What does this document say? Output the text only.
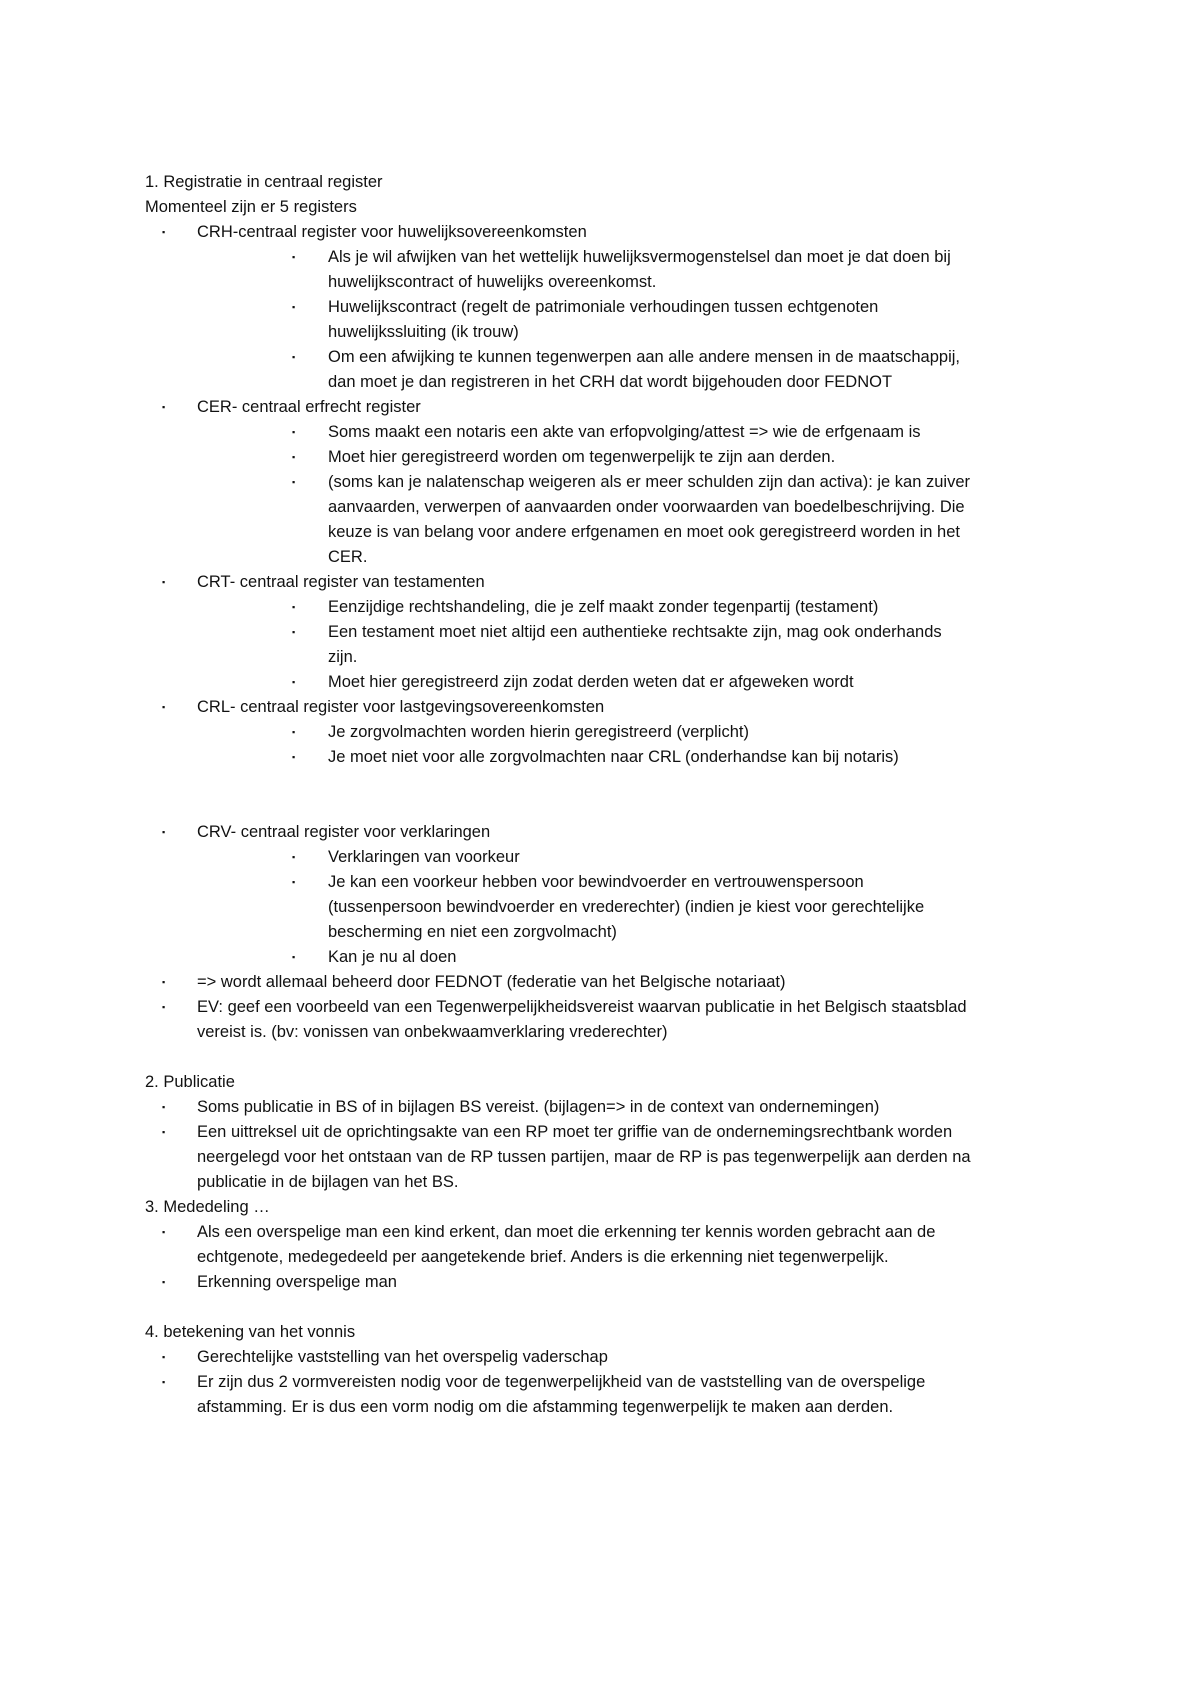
1. Registratie in centraal register

Momenteel zijn er 5 registers

▪ CRH-centraal register voor huwelijksovereenkomsten
▪ Als je wil afwijken van het wettelijk huwelijksvermogenstelsel dan moet je dat doen bij
huwelijkscontract of huwelijks overeenkomst.
▪ Huwelijkscontract (regelt de patrimoniale verhoudingen tussen echtgenoten
huwelijkssluiting (ik trouw)
▪ Om een afwijking te kunnen tegenwerpen aan alle andere mensen in de maatschappij,
dan moet je dan registreren in het CRH dat wordt bijgehouden door FEDNOT
▪ CER- centraal erfrecht register
▪ Soms maakt een notaris een akte van erfopvolging/attest => wie de erfgenaam is
▪ Moet hier geregistreerd worden om tegenwerpelijk te zijn aan derden.
▪ (soms kan je nalatenschap weigeren als er meer schulden zijn dan activa): je kan zuiver
aanvaarden, verwerpen of aanvaarden onder voorwaarden van boedelbeschrijving. Die
keuze is van belang voor andere erfgenamen en moet ook geregistreerd worden in het
CER.
▪ CRT- centraal register van testamenten
▪ Eenzijdige rechtshandeling, die je zelf maakt zonder tegenpartij (testament)
▪ Een testament moet niet altijd een authentieke rechtsakte zijn, mag ook onderhands
zijn.
▪ Moet hier geregistreerd zijn zodat derden weten dat er afgeweken wordt
▪ CRL- centraal register voor lastgevingsovereenkomsten
▪ Je zorgvolmachten worden hierin geregistreerd (verplicht)
▪ Je moet niet voor alle zorgvolmachten naar CRL (onderhandse kan bij notaris)
▪ CRV- centraal register voor verklaringen
▪ Verklaringen van voorkeur
▪ Je kan een voorkeur hebben voor bewindvoerder en vertrouwenspersoon
(tussenpersoon bewindvoerder en vrederechter) (indien je kiest voor gerechtelijke
bescherming en niet een zorgvolmacht)
▪ Kan je nu al doen
▪ => wordt allemaal beheerd door FEDNOT (federatie van het Belgische notariaat)
▪ EV: geef een voorbeeld van een Tegenwerpelijkheidsvereist waarvan publicatie in het Belgisch staatsblad
vereist is. (bv: vonissen van onbekwaamverklaring vrederechter)

2. Publicatie

▪ Soms publicatie in BS of in bijlagen BS vereist. (bijlagen=> in de context van ondernemingen)
▪ Een uittreksel uit de oprichtingsakte van een RP moet ter griffie van de ondernemingsrechtbank worden
neergelegd voor het ontstaan van de RP tussen partijen, maar de RP is pas tegenwerpelijk aan derden na
publicatie in de bijlagen van het BS.

3. Mededeling …

▪ Als een overspelige man een kind erkent, dan moet die erkenning ter kennis worden gebracht aan de
echtgenote, medegedeeld per aangetekende brief. Anders is die erkenning niet tegenwerpelijk.
▪ Erkenning overspelige man

4. betekening van het vonnis

▪ Gerechtelijke vaststelling van het overspelig vaderschap
▪ Er zijn dus 2 vormvereisten nodig voor de tegenwerpelijkheid van de vaststelling van de overspelige
afstamming. Er is dus een vorm nodig om die afstamming tegenwerpelijk te maken aan derden.
